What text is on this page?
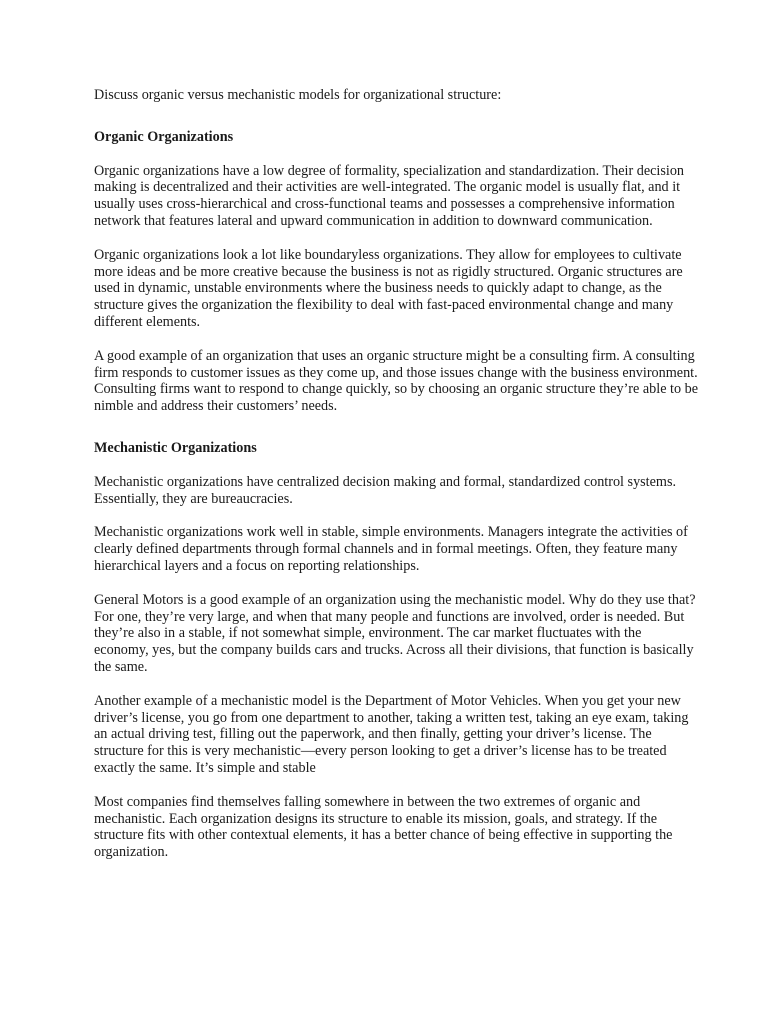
Discuss organic versus mechanistic models for organizational structure:

Organic Organizations

Organic organizations have a low degree of formality, specialization and standardization. Their decision making is decentralized and their activities are well-integrated. The organic model is usually flat, and it usually uses cross-hierarchical and cross-functional teams and possesses a comprehensive information network that features lateral and upward communication in addition to downward communication.

Organic organizations look a lot like boundaryless organizations. They allow for employees to cultivate more ideas and be more creative because the business is not as rigidly structured. Organic structures are used in dynamic, unstable environments where the business needs to quickly adapt to change, as the structure gives the organization the flexibility to deal with fast-paced environmental change and many different elements.

A good example of an organization that uses an organic structure might be a consulting firm. A consulting firm responds to customer issues as they come up, and those issues change with the business environment. Consulting firms want to respond to change quickly, so by choosing an organic structure they’re able to be nimble and address their customers’ needs.

Mechanistic Organizations

Mechanistic organizations have centralized decision making and formal, standardized control systems. Essentially, they are bureaucracies.

Mechanistic organizations work well in stable, simple environments. Managers integrate the activities of clearly defined departments through formal channels and in formal meetings. Often, they feature many hierarchical layers and a focus on reporting relationships.

General Motors is a good example of an organization using the mechanistic model. Why do they use that? For one, they’re very large, and when that many people and functions are involved, order is needed. But they’re also in a stable, if not somewhat simple, environment. The car market fluctuates with the economy, yes, but the company builds cars and trucks. Across all their divisions, that function is basically the same.

Another example of a mechanistic model is the Department of Motor Vehicles. When you get your new driver’s license, you go from one department to another, taking a written test, taking an eye exam, taking an actual driving test, filling out the paperwork, and then finally, getting your driver’s license. The structure for this is very mechanistic—every person looking to get a driver’s license has to be treated exactly the same. It’s simple and stable

Most companies find themselves falling somewhere in between the two extremes of organic and mechanistic. Each organization designs its structure to enable its mission, goals, and strategy. If the structure fits with other contextual elements, it has a better chance of being effective in supporting the organization.
